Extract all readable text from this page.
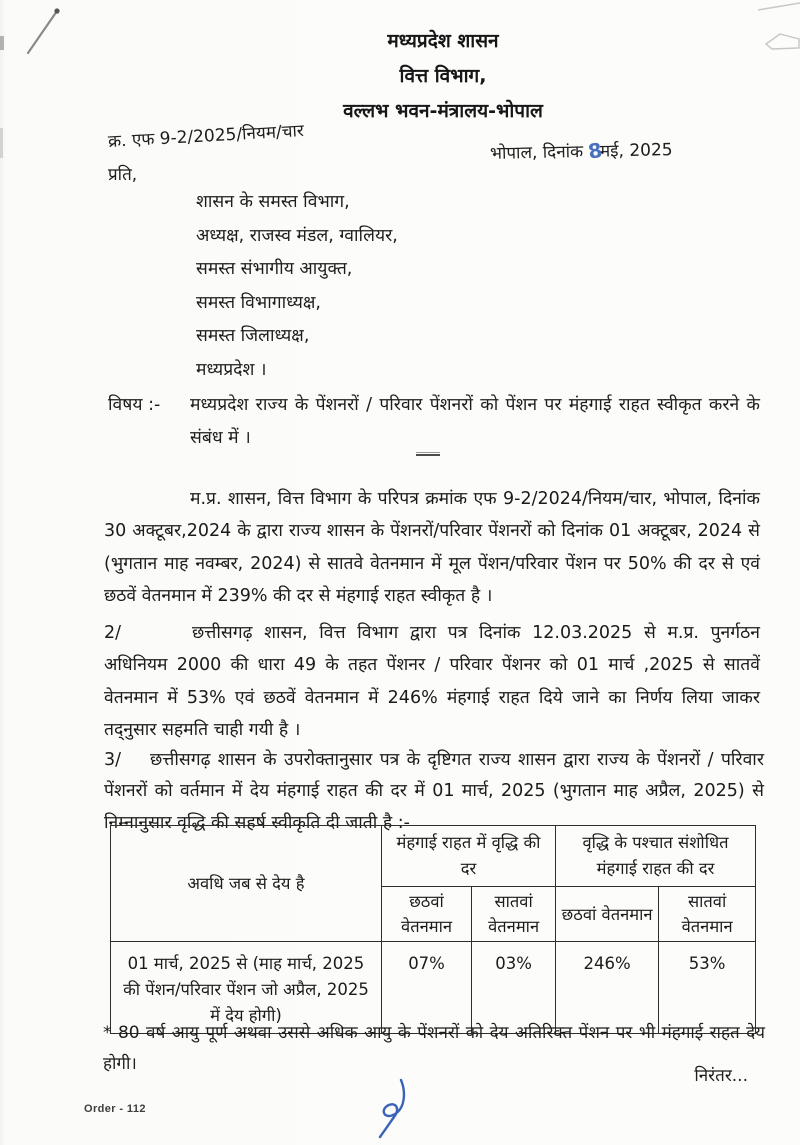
मध्यप्रदेश शासन
वित्त विभाग,
वल्लभ भवन-मंत्रालय-भोपाल
क्र. एफ 9-2/2025/नियम/चार
भोपाल, दिनांक 8मई, 2025
प्रति,
शासन के समस्त विभाग,
अध्यक्ष, राजस्व मंडल, ग्वालियर,
समस्त संभागीय आयुक्त,
समस्त विभागाध्यक्ष,
समस्त जिलाध्यक्ष,
मध्यप्रदेश ।
विषय :- मध्यप्रदेश राज्य के पेंशनरों / परिवार पेंशनरों को पेंशन पर मंहगाई राहत स्वीकृत करने के संबंध में ।

म.प्र. शासन, वित्त विभाग के परिपत्र क्रमांक एफ 9-2/2024/नियम/चार, भोपाल, दिनांक 30 अक्टूबर,2024 के द्वारा राज्य शासन के पेंशनरों/परिवार पेंशनरों को दिनांक 01 अक्टूबर, 2024 से (भुगतान माह नवम्बर, 2024) से सातवे वेतनमान में मूल पेंशन/परिवार पेंशन पर 50% की दर से एवं छठवें वेतनमान में 239% की दर से मंहगाई राहत स्वीकृत है ।

2/	छत्तीसगढ़ शासन, वित्त विभाग द्वारा पत्र दिनांक 12.03.2025 से म.प्र. पुनर्गठन अधिनियम 2000 की धारा 49 के तहत पेंशनर / परिवार पेंशनर को 01 मार्च ,2025 से सातवें वेतनमान में 53% एवं छठवें वेतनमान में 246% मंहगाई राहत दिये जाने का निर्णय लिया जाकर तद्नुसार सहमति चाही गयी है ।

3/ छत्तीसगढ़ शासन के उपरोक्तानुसार पत्र के दृष्टिगत राज्य शासन द्वारा राज्य के पेंशनरों / परिवार पेंशनरों को वर्तमान में देय मंहगाई राहत की दर में 01 मार्च, 2025 (भुगतान माह अप्रैल, 2025) से निम्नानुसार वृद्धि की सहर्ष स्वीकृति दी जाती है :-

अवधि जब से देय है	मंहगाई राहत में वृद्धि की दर		वृद्धि के पश्चात संशोधित मंहगाई राहत की दर	
	छठवां वेतनमान	सातवां वेतनमान	छठवां वेतनमान	सातवां वेतनमान
01 मार्च, 2025 से (माह मार्च, 2025 की पेंशन/परिवार पेंशन जो अप्रैल, 2025 में देय होगी)	07%	03%	246%	53%
* 80 वर्ष आयु पूर्ण अथवा उससे अधिक आयु के पेंशनरों को देय अतिरिक्त पेंशन पर भी मंहगाई राहत देय होगी।
निरंतर...
Order - 112
